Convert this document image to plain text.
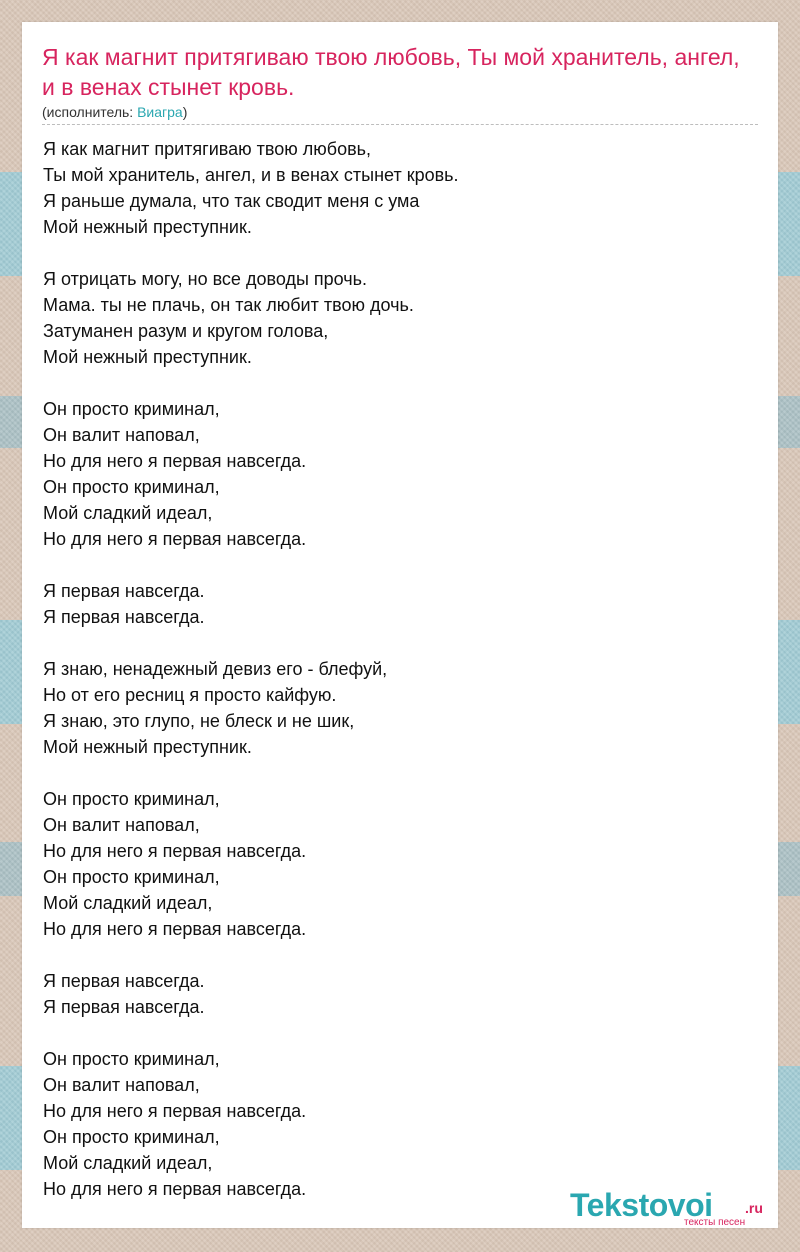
Я как магнит притягиваю твою любовь, Ты мой хранитель, ангел, и в венах стынет кровь.
(исполнитель: Виагра)
Я как магнит притягиваю твою любовь,
Ты мой хранитель, ангел, и в венах стынет кровь.
Я раньше думала, что так сводит меня с ума
Мой нежный преступник.
Я отрицать могу, но все доводы прочь.
Мама. ты не плачь, он так любит твою дочь.
Затуманен разум и кругом голова,
Мой нежный преступник.
Он просто криминал,
Он валит наповал,
Но для него я первая навсегда.
Он просто криминал,
Мой сладкий идеал,
Но для него я первая навсегда.
Я первая навсегда.
Я первая навсегда.
Я знаю, ненадежный девиз его - блефуй,
Но от его ресниц я просто кайфую.
Я знаю, это глупо, не блеск и не шик,
Мой нежный преступник.
Он просто криминал,
Он валит наповал,
Но для него я первая навсегда.
Он просто криминал,
Мой сладкий идеал,
Но для него я первая навсегда.
Я первая навсегда.
Я первая навсегда.
Он просто криминал,
Он валит наповал,
Но для него я первая навсегда.
Он просто криминал,
Мой сладкий идеал,
Но для него я первая навсегда.	Tekstovoi .ru
тексты песен
